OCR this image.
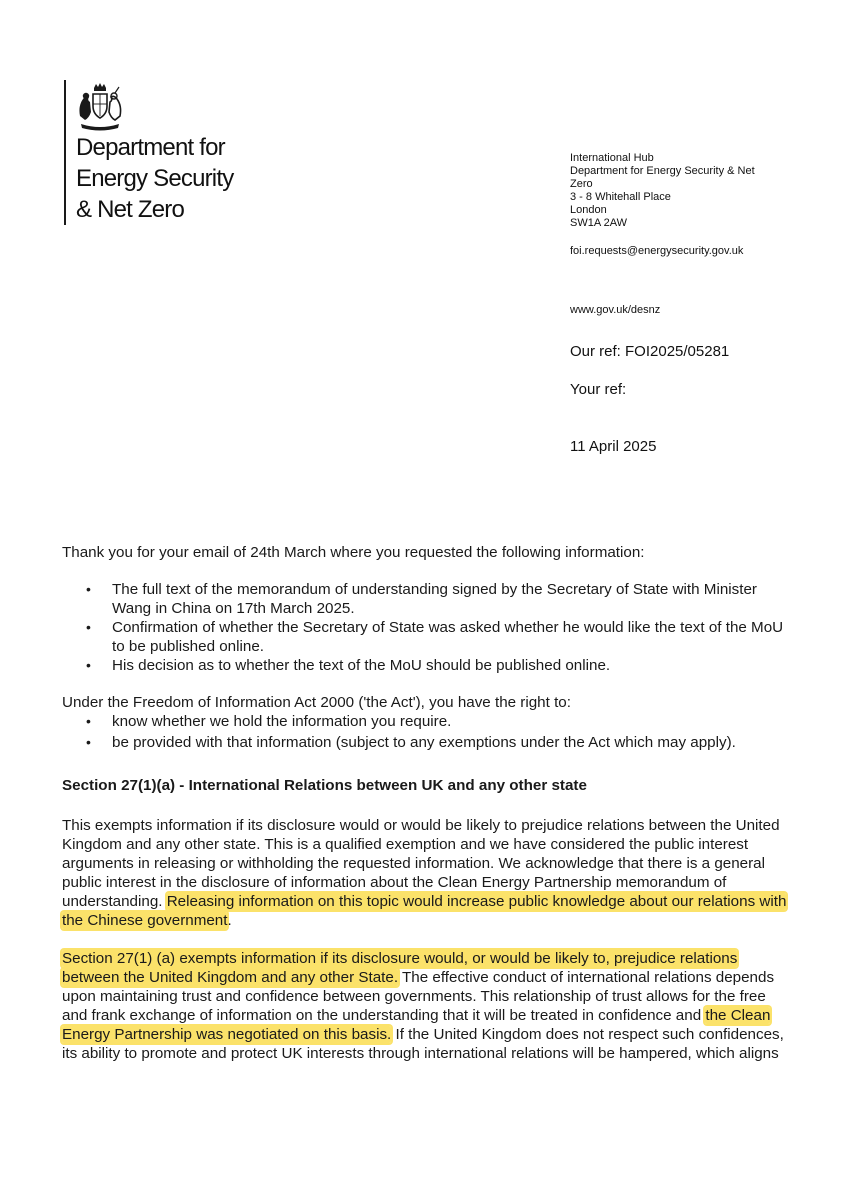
Department for
Energy Security
& Net Zero
International Hub
Department for Energy Security & Net
Zero
3 - 8 Whitehall Place
London
SW1A 2AW
foi.requests@energysecurity.gov.uk
www.gov.uk/desnz
Our ref: FOI2025/05281
Your ref:
11 April 2025

Thank you for your email of 24th March where you requested the following information:

• The full text of the memorandum of understanding signed by the Secretary of State with Minister Wang in China on 17th March 2025.
• Confirmation of whether the Secretary of State was asked whether he would like the text of the MoU to be published online.
• His decision as to whether the text of the MoU should be published online.

Under the Freedom of Information Act 2000 ('the Act'), you have the right to:

• know whether we hold the information you require.
• be provided with that information (subject to any exemptions under the Act which may apply).

Section 27(1)(a) - International Relations between UK and any other state

This exempts information if its disclosure would or would be likely to prejudice relations between the United Kingdom and any other state. This is a qualified exemption and we have considered the public interest arguments in releasing or withholding the requested information. We acknowledge that there is a general public interest in the disclosure of information about the Clean Energy Partnership memorandum of understanding. Releasing information on this topic would increase public knowledge about our relations with the Chinese government.

Section 27(1) (a) exempts information if its disclosure would, or would be likely to, prejudice relations between the United Kingdom and any other State. The effective conduct of international relations depends upon maintaining trust and confidence between governments. This relationship of trust allows for the free and frank exchange of information on the understanding that it will be treated in confidence and the Clean Energy Partnership was negotiated on this basis. If the United Kingdom does not respect such confidences, its ability to promote and protect UK interests through international relations will be hampered, which aligns
